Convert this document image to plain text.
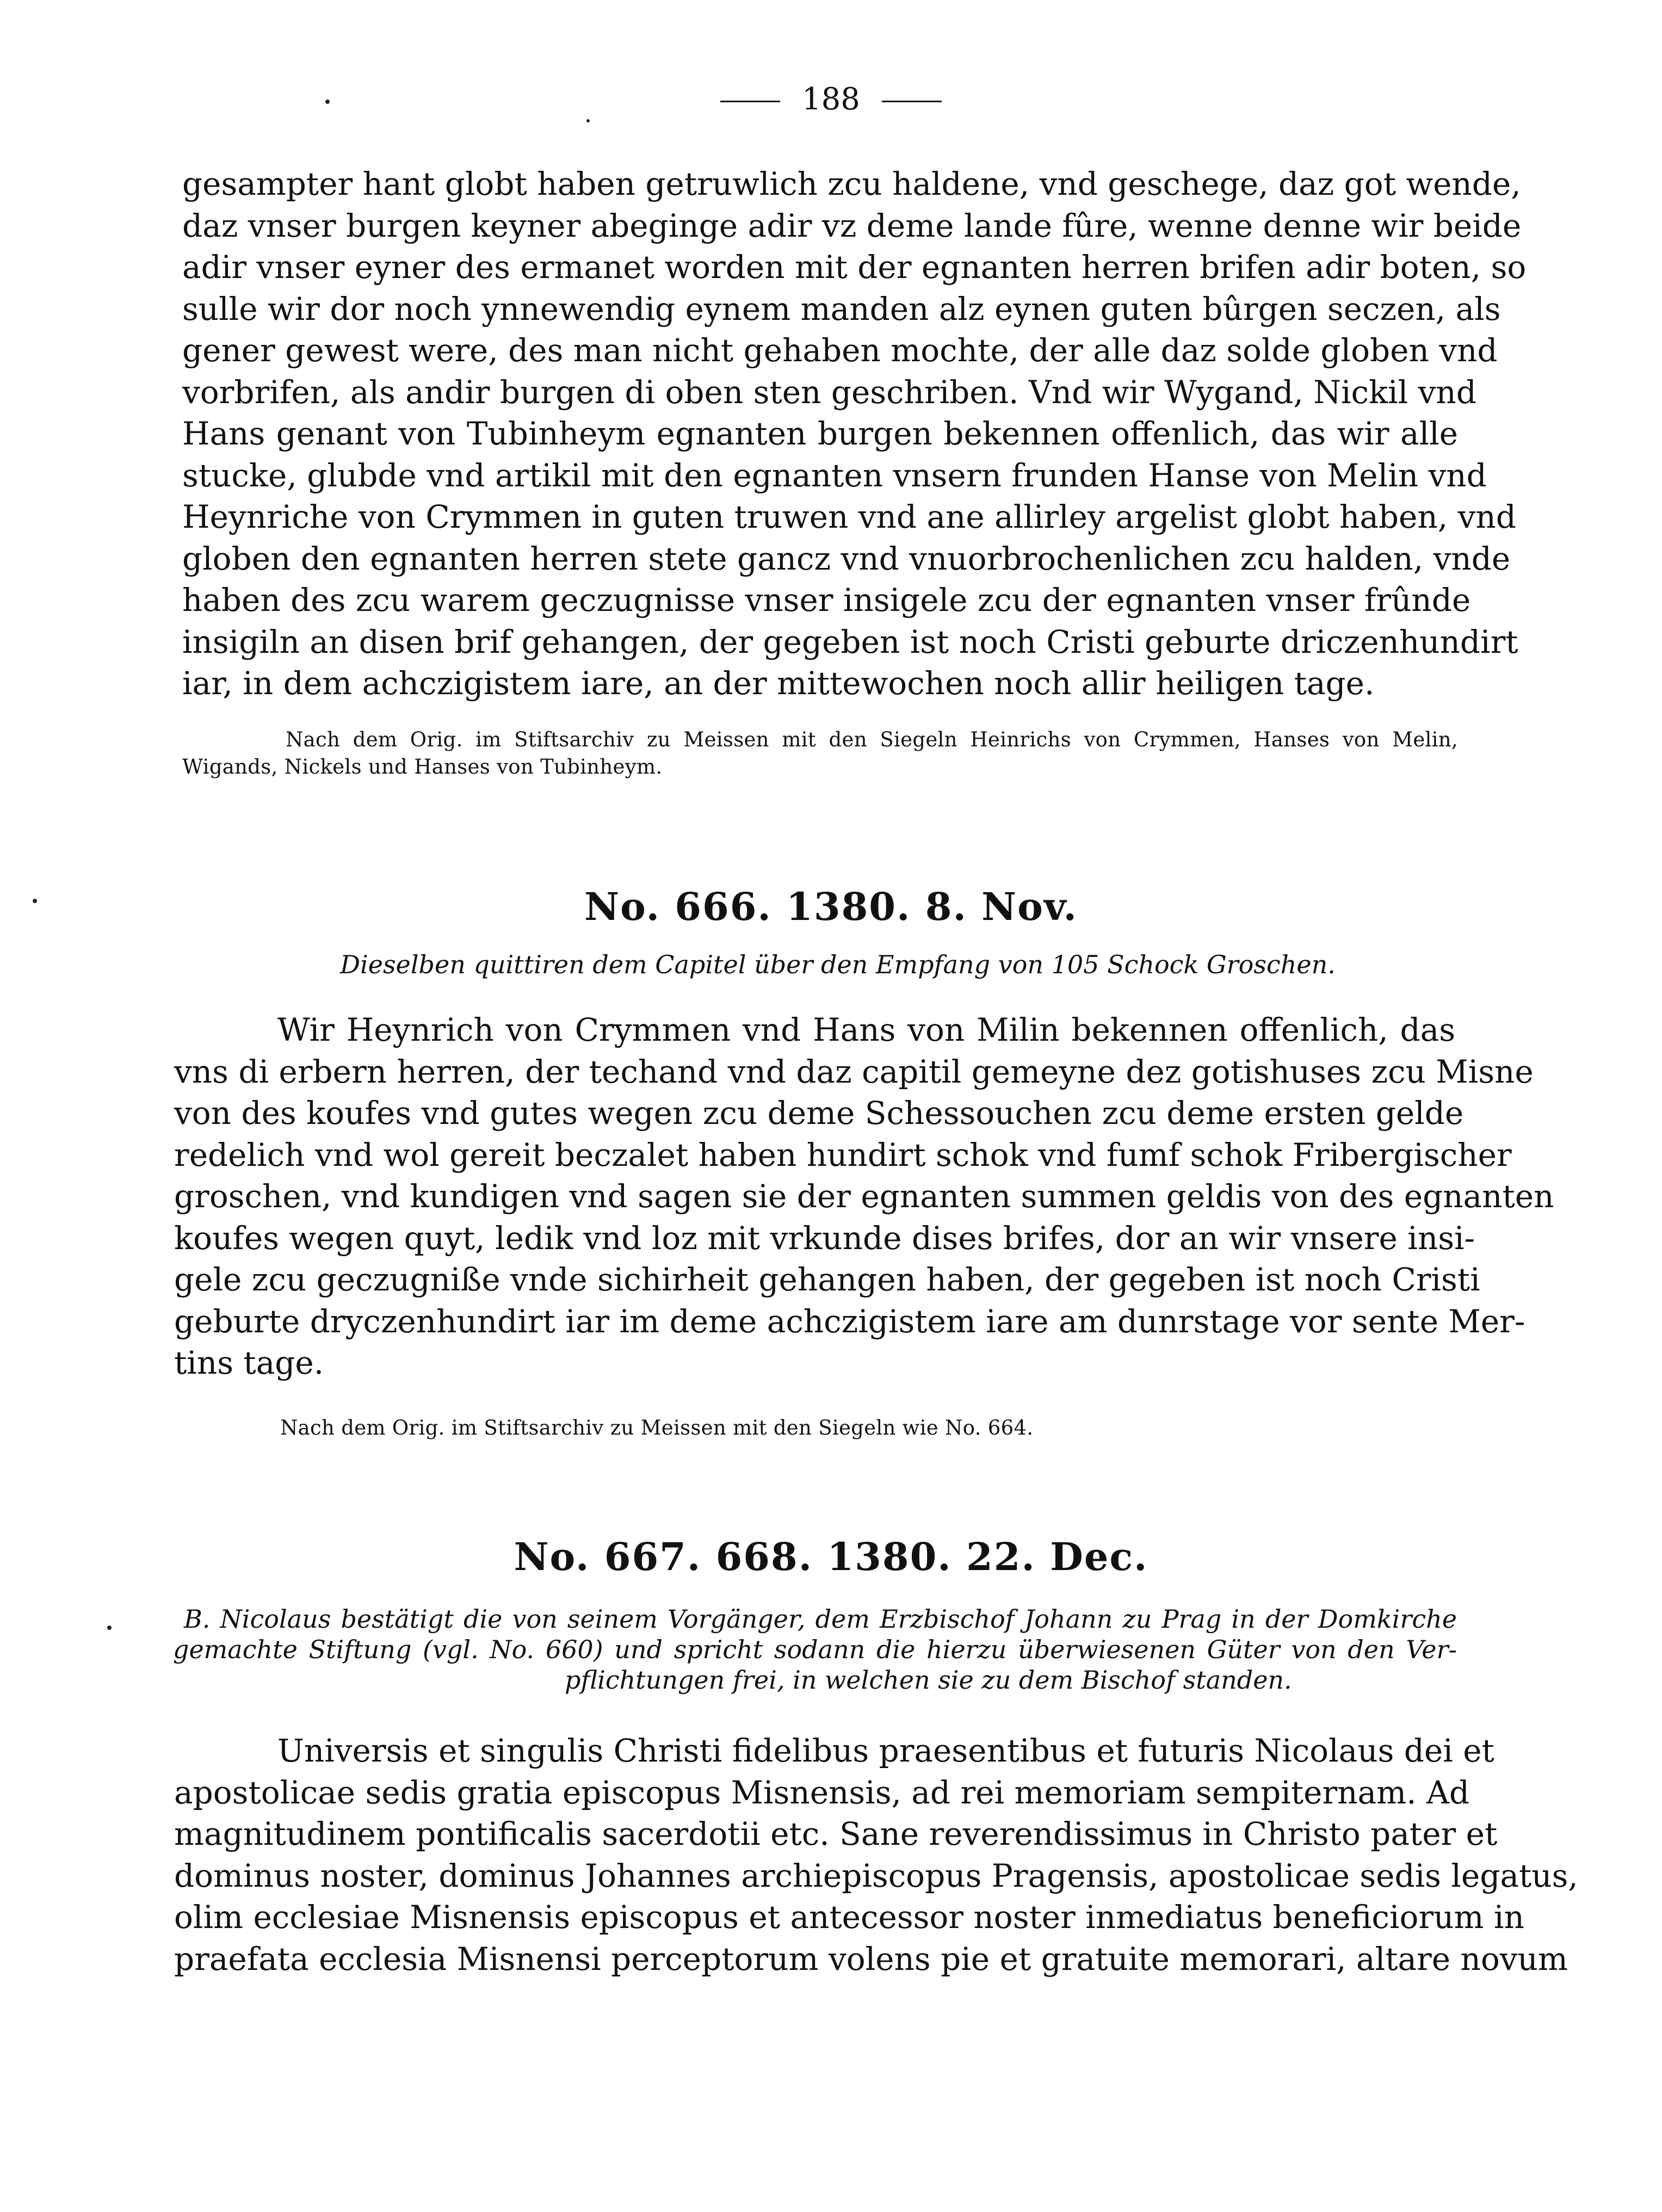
188

gesampter hant globt haben getruwlich zcu haldene, vnd geschege, daz got wende,
daz vnser burgen keyner abeginge adir vz deme lande fûre, wenne denne wir beide
adir vnser eyner des ermanet worden mit der egnanten herren brifen adir boten, so
sulle wir dor noch ynnewendig eynem manden alz eynen guten bûrgen seczen, als
gener gewest were, des man nicht gehaben mochte, der alle daz solde globen vnd
vorbrifen, als andir burgen di oben sten geschriben. Vnd wir Wygand, Nickil vnd
Hans genant von Tubinheym egnanten burgen bekennen offenlich, das wir alle
stucke, glubde vnd artikil mit den egnanten vnsern frunden Hanse von Melin vnd
Heynriche von Crymmen in guten truwen vnd ane allirley argelist globt haben, vnd
globen den egnanten herren stete gancz vnd vnuorbrochenlichen zcu halden, vnde
haben des zcu warem geczugnisse vnser insigele zcu der egnanten vnser frûnde
insigiln an disen brif gehangen, der gegeben ist noch Cristi geburte driczenhundirt
iar, in dem achczigistem iare, an der mittewochen noch allir heiligen tage.

Nach dem Orig. im Stiftsarchiv zu Meissen mit den Siegeln Heinrichs von Crymmen, Hanses von Melin,
Wigands, Nickels und Hanses von Tubinheym.

No. 666. 1380. 8. Nov.

Dieselben quittiren dem Capitel über den Empfang von 105 Schock Groschen.

Wir Heynrich von Crymmen vnd Hans von Milin bekennen offenlich, das
vns di erbern herren, der techand vnd daz capitil gemeyne dez gotishuses zcu Misne
von des koufes vnd gutes wegen zcu deme Schessouchen zcu deme ersten gelde
redelich vnd wol gereit beczalet haben hundirt schok vnd fumf schok Fribergischer
groschen, vnd kundigen vnd sagen sie der egnanten summen geldis von des egnanten
koufes wegen quyt, ledik vnd loz mit vrkunde dises brifes, dor an wir vnsere insi-
gele zcu geczugniße vnde sichirheit gehangen haben, der gegeben ist noch Cristi
geburte dryczenhundirt iar im deme achczigistem iare am dunrstage vor sente Mer-
tins tage.

Nach dem Orig. im Stiftsarchiv zu Meissen mit den Siegeln wie No. 664.

No. 667. 668. 1380. 22. Dec.

B. Nicolaus bestätigt die von seinem Vorgänger, dem Erzbischof Johann zu Prag in der Domkirche
gemachte Stiftung (vgl. No. 660) und spricht sodann die hierzu überwiesenen Güter von den Ver-
pflichtungen frei, in welchen sie zu dem Bischof standen.

Universis et singulis Christi fidelibus praesentibus et futuris Nicolaus dei et
apostolicae sedis gratia episcopus Misnensis, ad rei memoriam sempiternam. Ad
magnitudinem pontificalis sacerdotii etc. Sane reverendissimus in Christo pater et
dominus noster, dominus Johannes archiepiscopus Pragensis, apostolicae sedis legatus,
olim ecclesiae Misnensis episcopus et antecessor noster inmediatus beneficiorum in
praefata ecclesia Misnensi perceptorum volens pie et gratuite memorari, altare novum
